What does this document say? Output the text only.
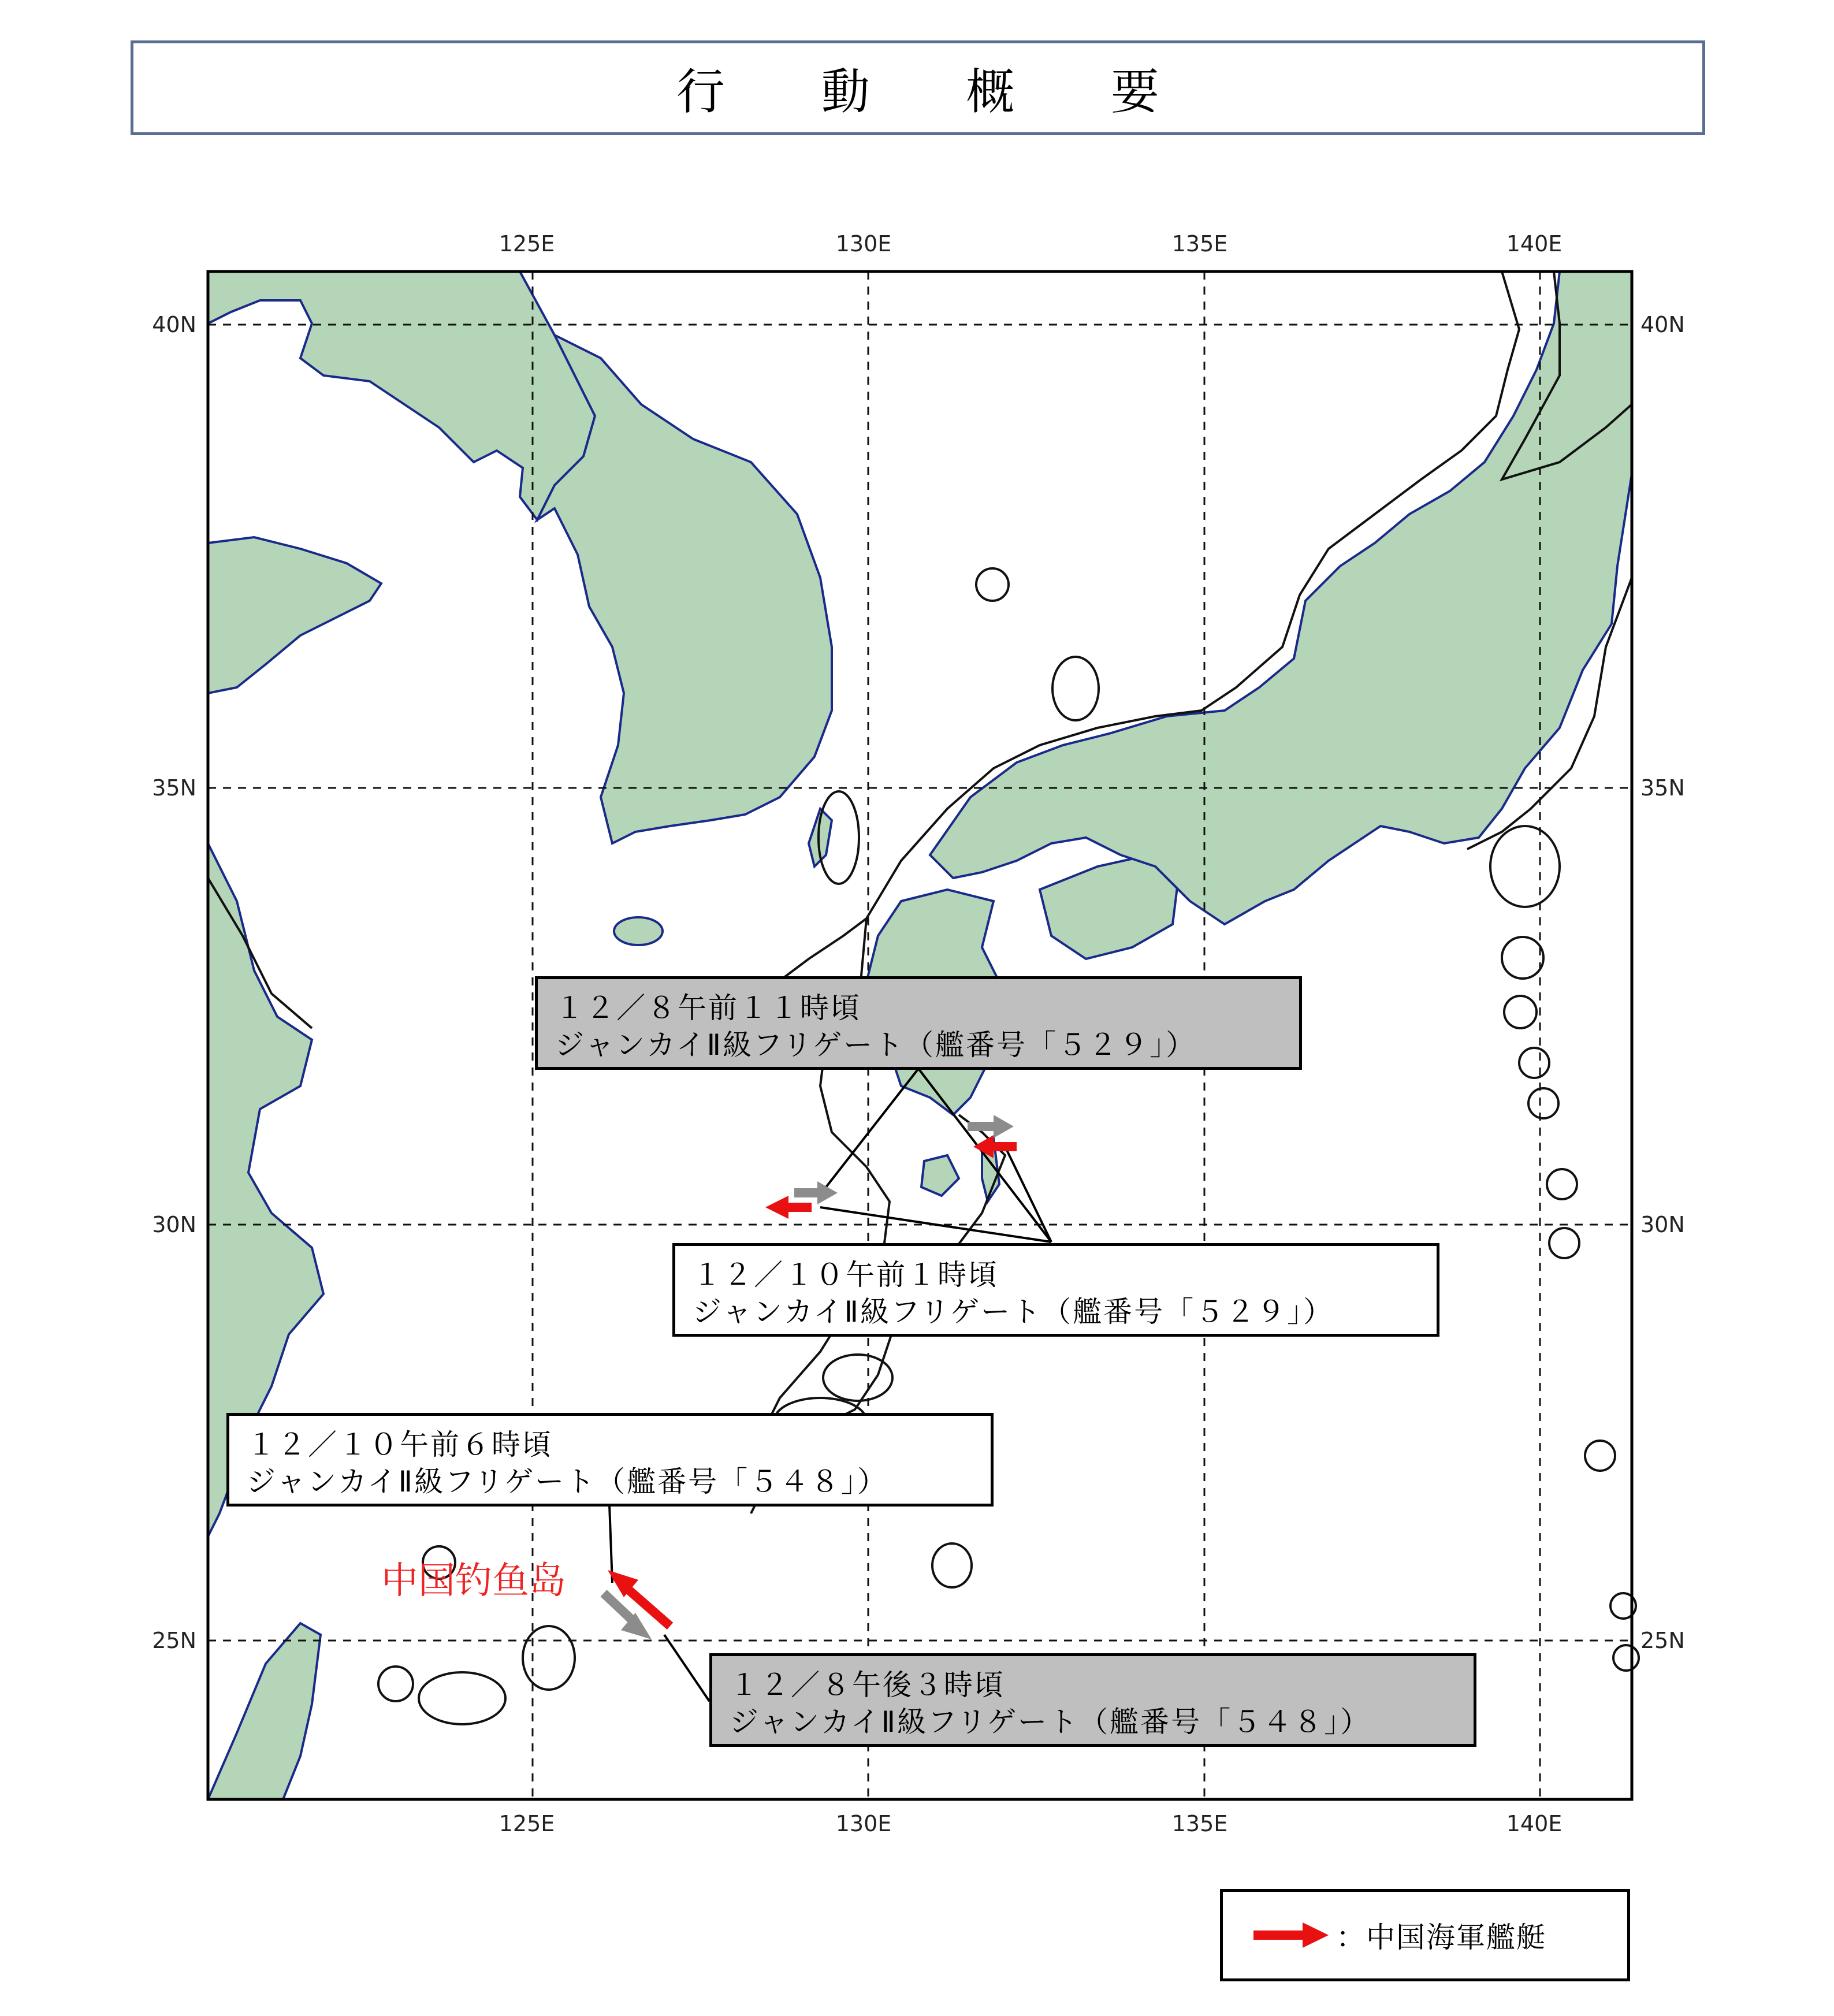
行 動 概 要
125E	130E	135E	140E
125E	130E	135E	140E
40N
35N
30N
25N
40N
35N
30N
25N
１２／８午前１１時頃
ジャンカイⅡ級フリゲート（艦番号「５２９」）
１２／１０午前１時頃
ジャンカイⅡ級フリゲート（艦番号「５２９」）
１２／１０午前６時頃
ジャンカイⅡ級フリゲート（艦番号「５４８」）
１２／８午後３時頃
ジャンカイⅡ級フリゲート（艦番号「５４８」）
中国钓鱼岛
：中国海軍艦艇
